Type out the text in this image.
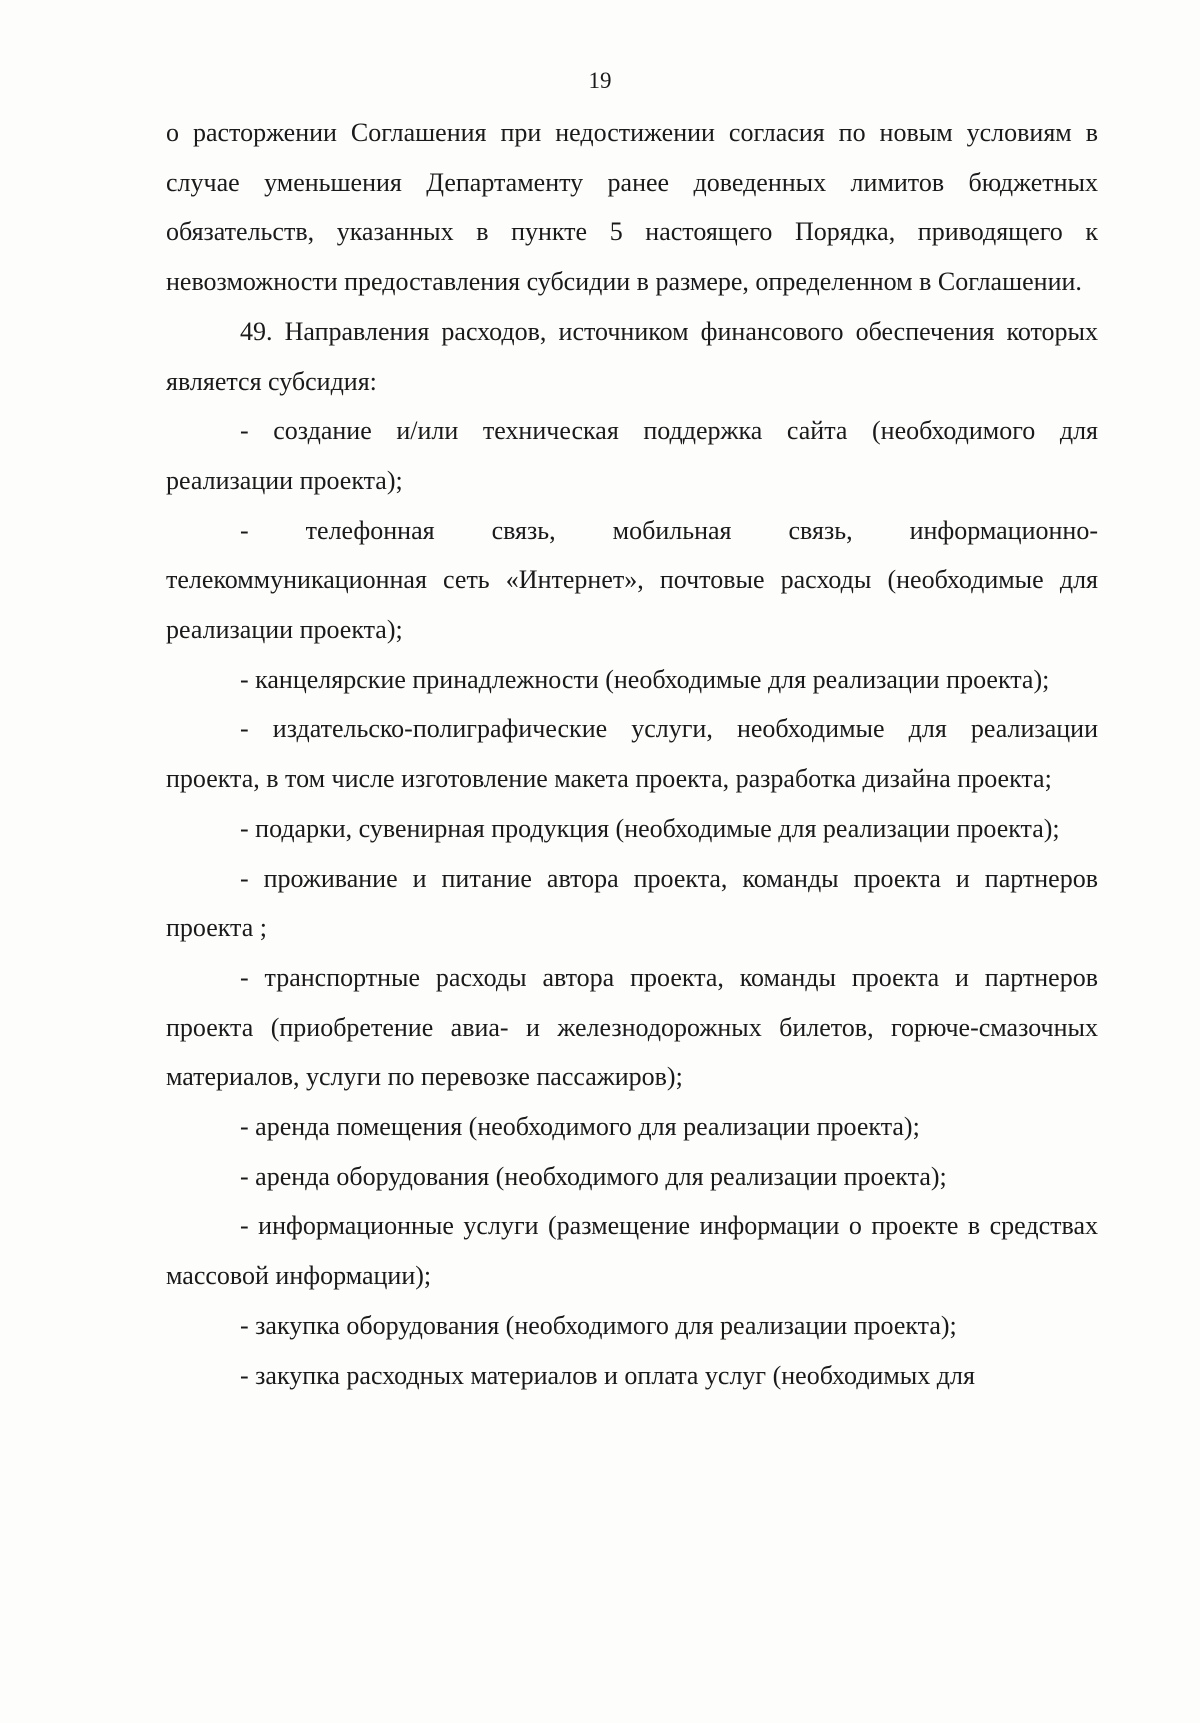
19

о расторжении Соглашения при недостижении согласия по новым условиям в случае уменьшения Департаменту ранее доведенных лимитов бюджетных обязательств, указанных в пункте 5 настоящего Порядка, приводящего к невозможности предоставления субсидии в размере, определенном в Соглашении.

49. Направления расходов, источником финансового обеспечения которых является субсидия:

- создание и/или техническая поддержка сайта (необходимого для реализации проекта);

- телефонная связь, мобильная связь, информационно-телекоммуникационная сеть «Интернет», почтовые расходы (необходимые для реализации проекта);

- канцелярские принадлежности (необходимые для реализации проекта);

- издательско-полиграфические услуги, необходимые для реализации проекта, в том числе изготовление макета проекта, разработка дизайна проекта;

- подарки, сувенирная продукция (необходимые для реализации проекта);

- проживание и питание автора проекта, команды проекта и партнеров проекта ;

- транспортные расходы автора проекта, команды проекта и партнеров проекта (приобретение авиа- и железнодорожных билетов, горюче-смазочных материалов, услуги по перевозке пассажиров);

- аренда помещения (необходимого для реализации проекта);

- аренда оборудования (необходимого для реализации проекта);

- информационные услуги (размещение информации о проекте в средствах массовой информации);

- закупка оборудования (необходимого для реализации проекта);

- закупка расходных материалов и оплата услуг (необходимых для
